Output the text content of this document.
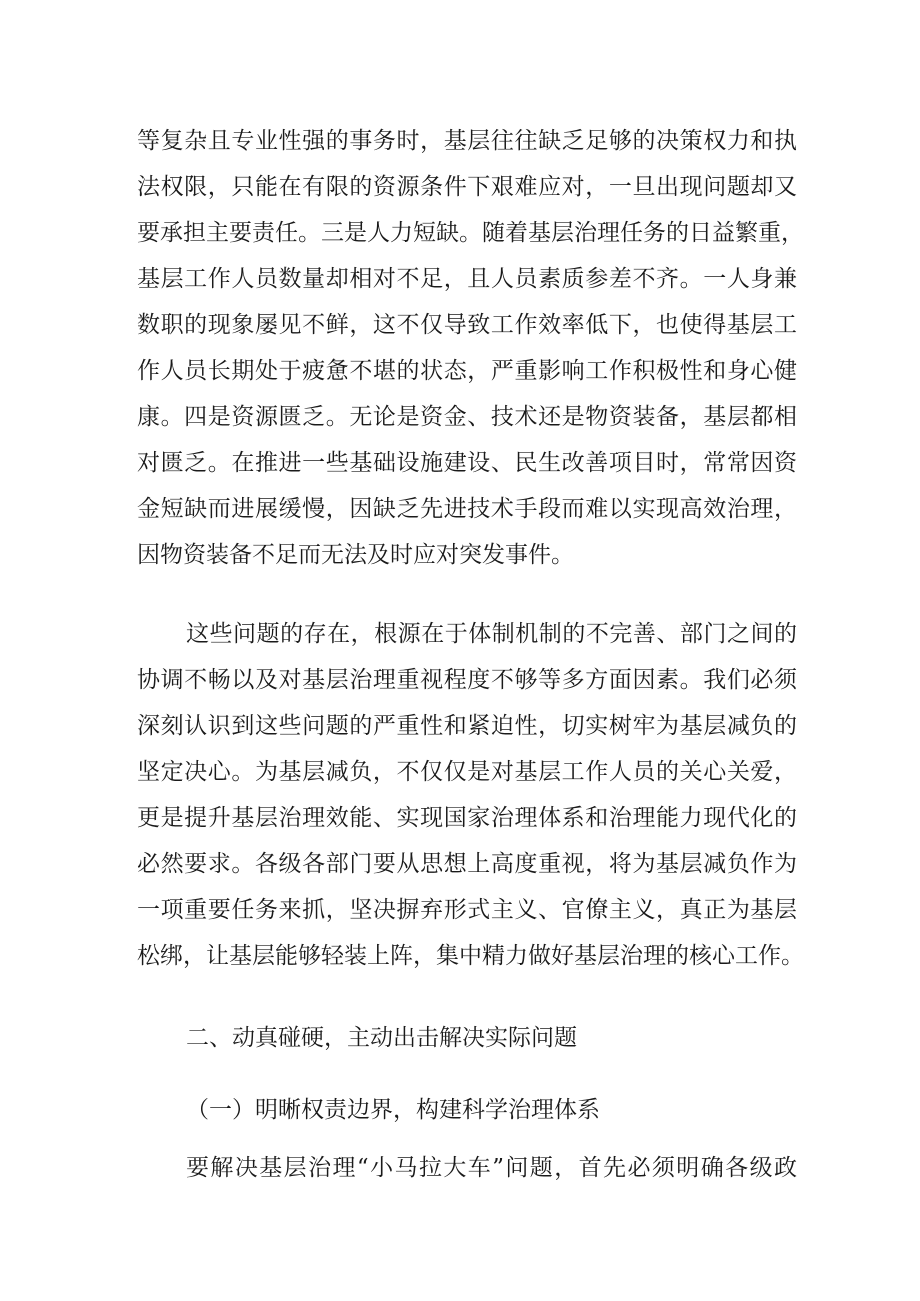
等复杂且专业性强的事务时，基层往往缺乏足够的决策权力和执
法权限，只能在有限的资源条件下艰难应对，一旦出现问题却又
要承担主要责任。三是人力短缺。随着基层治理任务的日益繁重，
基层工作人员数量却相对不足，且人员素质参差不齐。一人身兼
数职的现象屡见不鲜，这不仅导致工作效率低下，也使得基层工
作人员长期处于疲惫不堪的状态，严重影响工作积极性和身心健
康。四是资源匮乏。无论是资金、技术还是物资装备，基层都相
对匮乏。在推进一些基础设施建设、民生改善项目时，常常因资
金短缺而进展缓慢，因缺乏先进技术手段而难以实现高效治理，
因物资装备不足而无法及时应对突发事件。
这些问题的存在，根源在于体制机制的不完善、部门之间的
协调不畅以及对基层治理重视程度不够等多方面因素。我们必须
深刻认识到这些问题的严重性和紧迫性，切实树牢为基层减负的
坚定决心。为基层减负，不仅仅是对基层工作人员的关心关爱，
更是提升基层治理效能、实现国家治理体系和治理能力现代化的
必然要求。各级各部门要从思想上高度重视，将为基层减负作为
一项重要任务来抓，坚决摒弃形式主义、官僚主义，真正为基层
松绑，让基层能够轻装上阵，集中精力做好基层治理的核心工作。
二、动真碰硬，主动出击解决实际问题
（一）明晰权责边界，构建科学治理体系
要解决基层治理“小马拉大车”问题，首先必须明确各级政
